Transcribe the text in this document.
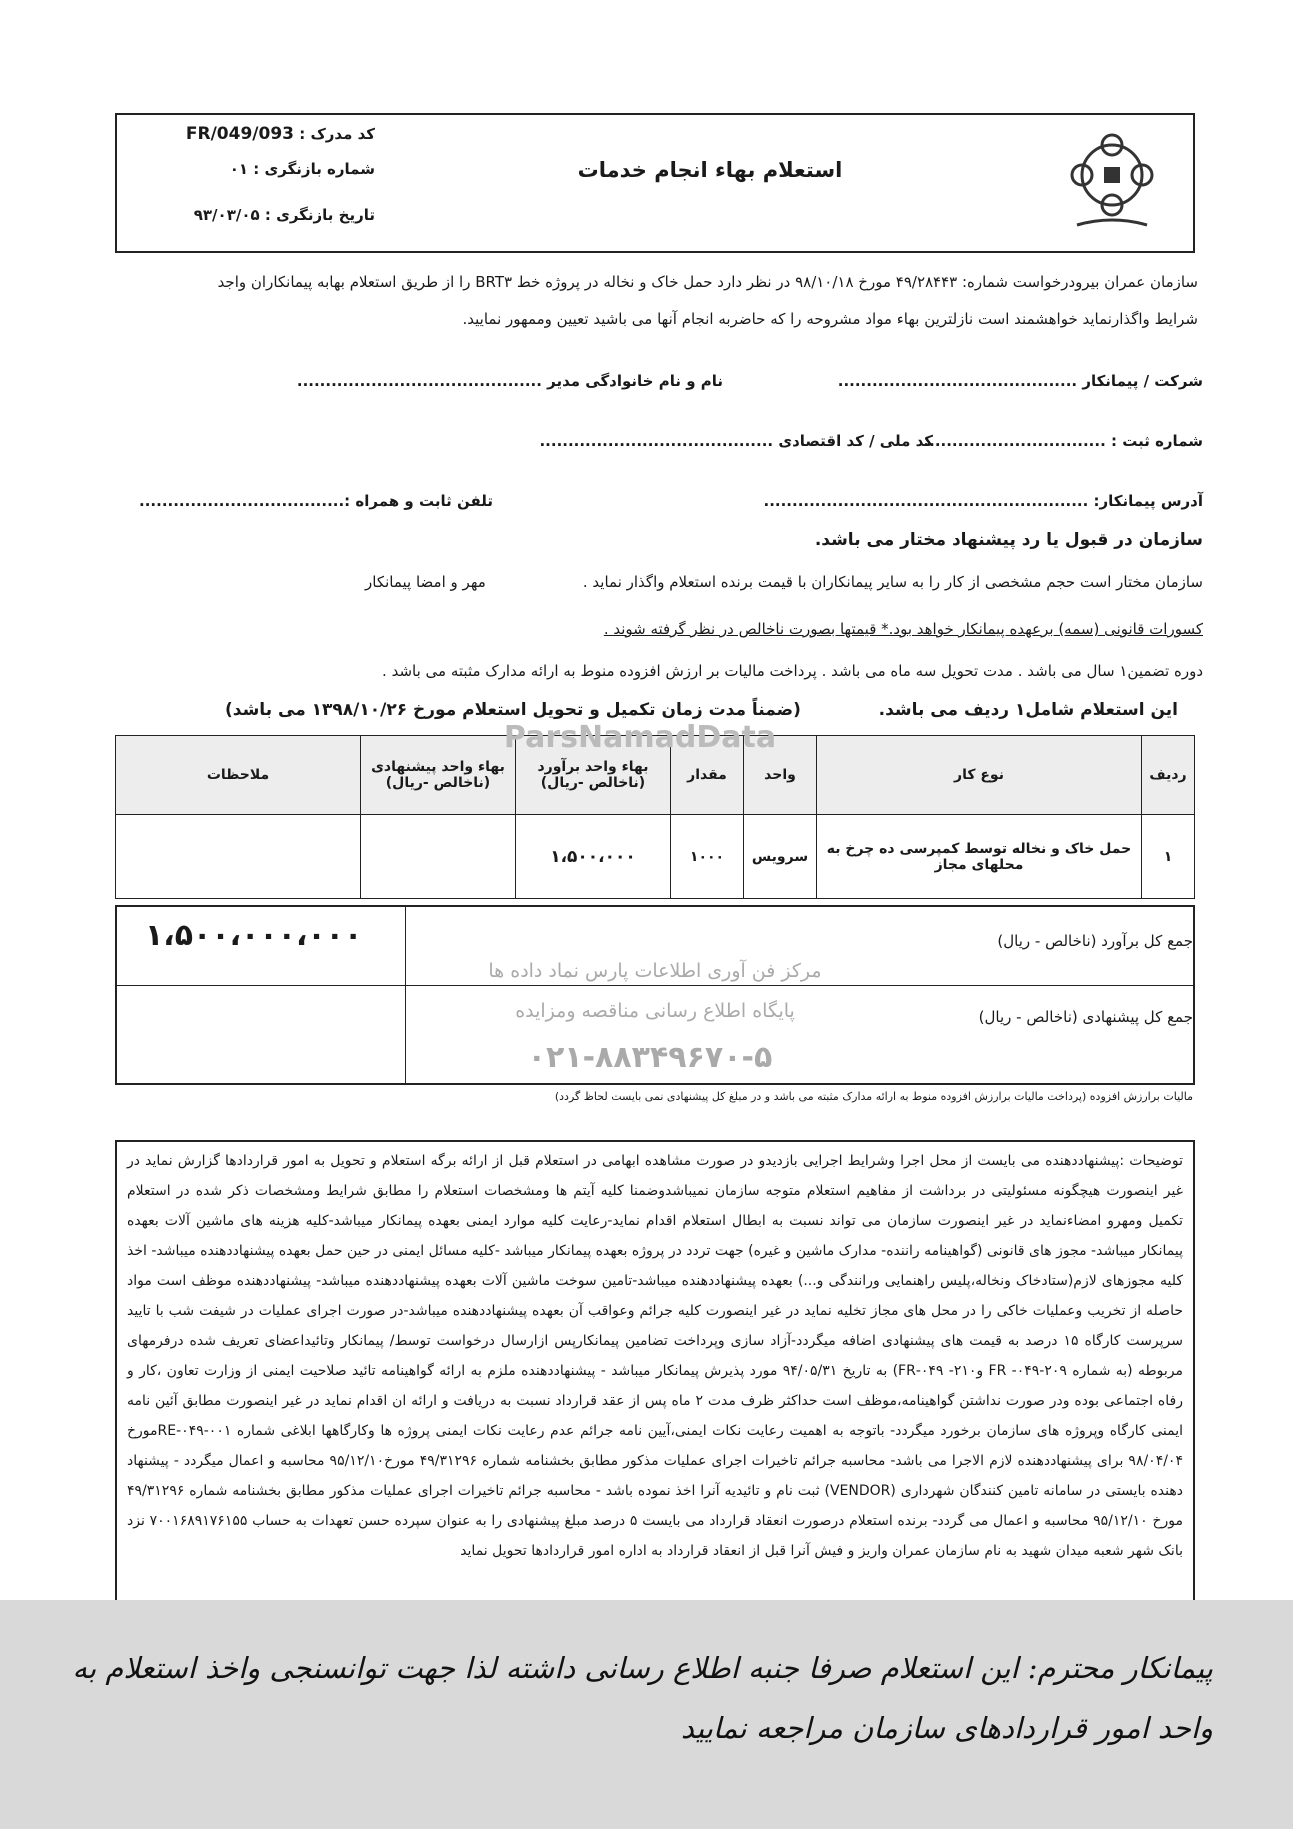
استعلام بهاء انجام خدمات
کد مدرک : FR/049/093
شماره بازنگری : ۰۱
تاریخ بازنگری : ۹۳/۰۳/۰۵
سازمان عمران بیرودرخواست شماره: ۴۹/۲۸۴۴۳ مورخ ۹۸/۱۰/۱۸ در نظر دارد حمل خاک و نخاله در پروژه خط BRT۳ را از طریق استعلام بهابه پیمانکاران واجد
شرایط واگذارنماید خواهشمند است نازلترین بهاء مواد مشروحه را که حاضربه انجام آنها می باشید تعیین وممهور نمایید.
شرکت / پیمانکار ..........................................
نام و نام خانوادگی مدیر ...........................................
شماره ثبت : ................................
کد ملی / کد اقتصادی .........................................
آدرس پیمانکار: .........................................................
تلفن ثابت و همراه :....................................
سازمان در قبول یا رد پیشنهاد مختار می باشد.
سازمان مختار است حجم مشخصی از کار را به سایر پیمانکاران با قیمت برنده استعلام واگذار نماید .
مهر و امضا پیمانکار
کسورات قانونی (سمه) برعهده پیمانکار خواهد بود.* قیمتها بصورت ناخالص در نظر گرفته شوند .
دوره تضمین۱ سال می باشد . مدت تحویل سه ماه می باشد . پرداخت مالیات بر ارزش افزوده منوط به ارائه مدارک مثبته می باشد .
این استعلام شامل۱ ردیف می باشد.
(ضمناً مدت زمان تکمیل و تحویل استعلام مورخ ۱۳۹۸/۱۰/۲۶ می باشد)
ردیف	نوع کار	واحد	مقدار	بهاء واحد برآورد (ناخالص -ریال)	بهاء واحد پیشنهادی (ناخالص -ریال)	ملاحظات
۱	حمل خاک و نخاله توسط کمپرسی ده چرخ به محلهای مجاز	سرویس	۱۰۰۰	۱،۵۰۰،۰۰۰		
جمع کل برآورد (ناخالص - ریال)
۱،۵۰۰،۰۰۰،۰۰۰
جمع کل پیشنهادی (ناخالص - ریال)
مالیات برارزش افزوده (پرداخت مالیات برارزش افزوده منوط به ارائه مدارک مثبته می باشد و در مبلغ کل پیشنهادی نمی بایست لحاظ گردد)
ParsNamadData
مرکز فن آوری اطلاعات پارس نماد داده ها
پایگاه اطلاع رسانی مناقصه ومزایده
۰۲۱-۸۸۳۴۹۶۷۰-۵
توضیحات :پیشنهاددهنده می بایست از محل اجرا وشرایط اجرایی بازدیدو در صورت مشاهده ابهامی در استعلام قبل از ارائه برگه استعلام و تحویل به امور قراردادها گزارش نماید در غیر اینصورت هیچگونه مسئولیتی در برداشت از مفاهیم استعلام متوجه سازمان نمیباشدوضمنا کلیه آیتم ها ومشخصات استعلام را مطابق شرایط ومشخصات ذکر شده در استعلام تکمیل ومهرو امضاءنماید در غیر اینصورت سازمان می تواند نسبت به ابطال استعلام اقدام نماید-رعایت کلیه موارد ایمنی بعهده پیمانکار میباشد-کلیه هزینه های ماشین آلات بعهده پیمانکار میباشد- مجوز های قانونی (گواهینامه راننده- مدارک ماشین و غیره) جهت تردد در پروژه بعهده پیمانکار میباشد -کلیه مسائل ایمنی در حین حمل بعهده پیشنهاددهنده میباشد- اخذ کلیه مجوزهای لازم(ستادخاک ونخاله،پلیس راهنمایی ورانندگی و...) بعهده پیشنهاددهنده میباشد-تامین سوخت ماشین آلات بعهده پیشنهاددهنده میباشد- پیشنهاددهنده موظف است مواد حاصله از تخریب وعملیات خاکی را در محل های مجاز تخلیه نماید در غیر اینصورت کلیه جرائم وعواقب آن بعهده پیشنهاددهنده میباشد-در صورت اجرای عملیات در شیفت شب با تایید سرپرست کارگاه ۱۵ درصد به قیمت های پیشنهادی اضافه میگردد-آزاد سازی وپرداخت تضامین پیمانکارپس ازارسال درخواست توسط/ پیمانکار وتائیداعضای تعریف شده درفرمهای مربوطه (به شماره ۲۰۹-۰۴۹- FR و۲۱۰- ۰۴۹-FR) به تاریخ ۹۴/۰۵/۳۱ مورد پذیرش پیمانکار میباشد - پیشنهاددهنده ملزم به ارائه گواهینامه تائید صلاحیت ایمنی از وزارت تعاون ،کار و رفاه اجتماعی بوده ودر صورت نداشتن گواهینامه،موظف است حداکثر ظرف مدت ۲ ماه پس از عقد قرارداد نسبت به دریافت و ارائه ان اقدام نماید در غیر اینصورت مطابق آئین نامه ایمنی کارگاه وپروژه های سازمان برخورد میگردد- باتوجه به اهمیت رعایت نکات ایمنی،آیین نامه جرائم عدم رعایت نکات ایمنی پروژه ها وکارگاهها ابلاغی شماره ۰۰۱-۰۴۹-REمورخ ۹۸/۰۴/۰۴ برای پیشنهاددهنده لازم الاجرا می باشد- محاسبه جرائم تاخیرات اجرای عملیات مذکور مطابق بخشنامه شماره ۴۹/۳۱۲۹۶ مورخ۹۵/۱۲/۱۰ محاسبه و اعمال میگردد - پیشنهاد دهنده بایستی در سامانه تامین کنندگان شهرداری (VENDOR) ثبت نام و تائیدیه آنرا اخذ نموده باشد - محاسبه جرائم تاخیرات اجرای عملیات مذکور مطابق بخشنامه شماره ۴۹/۳۱۲۹۶ مورخ ۹۵/۱۲/۱۰ محاسبه و اعمال می گردد- برنده استعلام درصورت انعقاد قرارداد می بایست ۵ درصد مبلغ پیشنهادی را به عنوان سپرده حسن تعهدات به حساب ۷۰۰۱۶۸۹۱۷۶۱۵۵ نزد بانک شهر شعبه میدان شهید به نام سازمان عمران واریز و فیش آنرا قبل از انعقاد قرارداد به اداره امور قراردادها تحویل نماید
پیمانکار محترم: این استعلام صرفا جنبه اطلاع رسانی داشته لذا جهت توانسنجی واخذ استعلام به واحد امور قراردادهای سازمان مراجعه نمایید
